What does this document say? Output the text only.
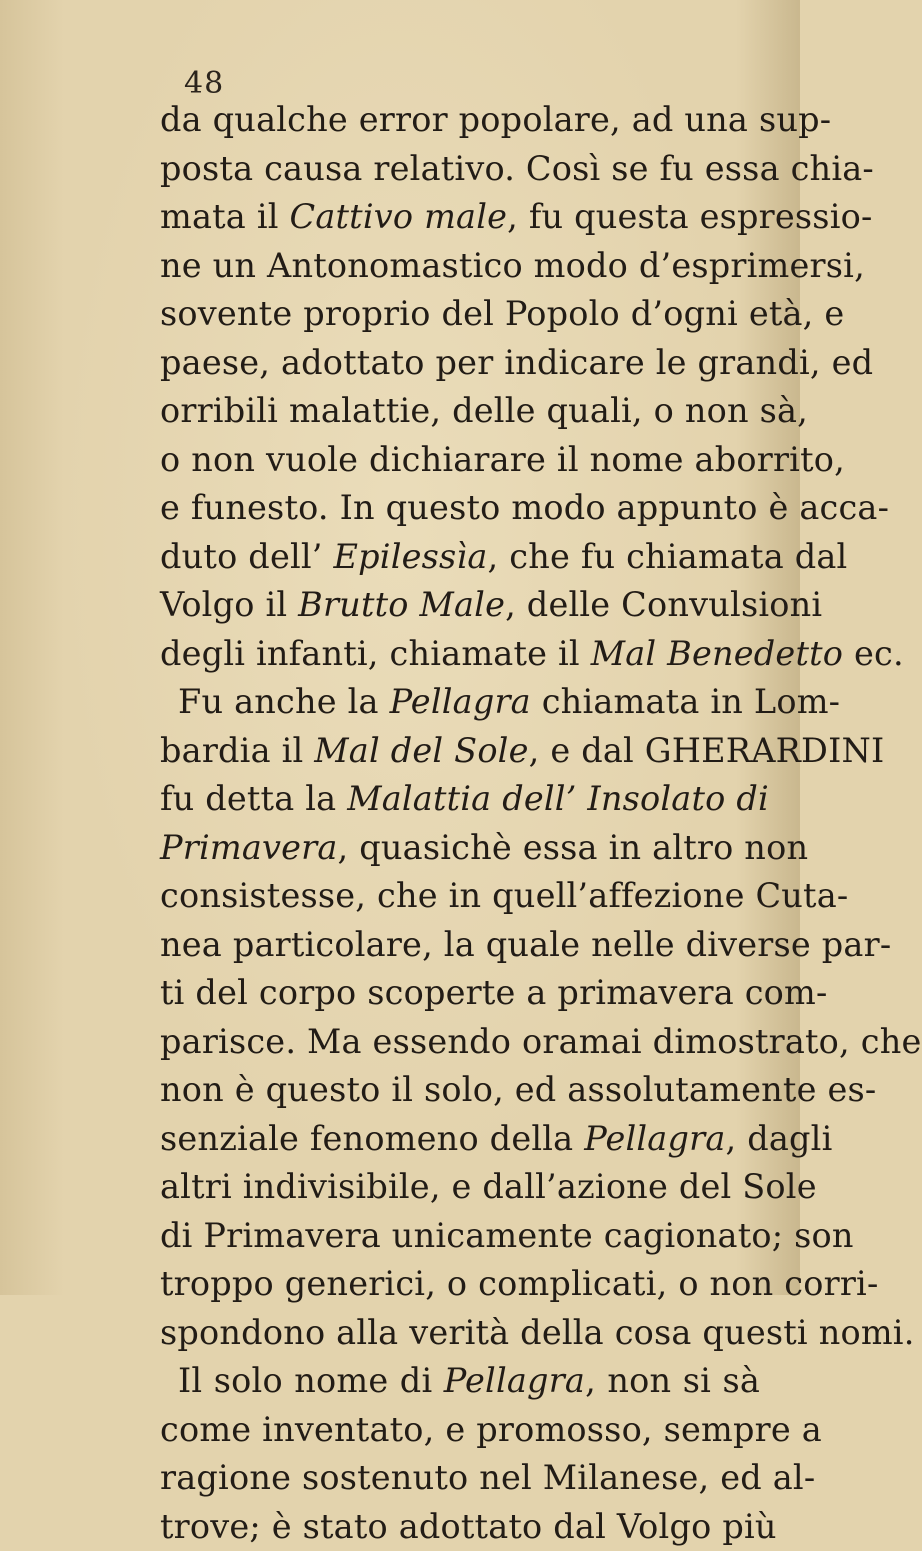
48
da qualche error popolare, ad una sup-
posta causa relativo. Così se fu essa chia-
mata il Cattivo male, fu questa espressio-
ne un Antonomastico modo d’esprimersi,
sovente proprio del Popolo d’ogni età, e
paese, adottato per indicare le grandi, ed
orribili malattie, delle quali, o non sà,
o non vuole dichiarare il nome aborrito,
e funesto. In questo modo appunto è acca-
duto dell’ Epilessìa, che fu chiamata dal
Volgo il Brutto Male, delle Convulsioni
degli infanti, chiamate il Mal Benedetto ec.
Fu anche la Pellagra chiamata in Lom-
bardia il Mal del Sole, e dal GHERARDINI
fu detta la Malattia dell’ Insolato di
Primavera, quasichè essa in altro non
consistesse, che in quell’affezione Cuta-
nea particolare, la quale nelle diverse par-
ti del corpo scoperte a primavera com-
parisce. Ma essendo oramai dimostrato, che
non è questo il solo, ed assolutamente es-
senziale fenomeno della Pellagra, dagli
altri indivisibile, e dall’azione del Sole
di Primavera unicamente cagionato; son
troppo generici, o complicati, o non corri-
spondono alla verità della cosa questi nomi.
Il solo nome di Pellagra, non si sà
come inventato, e promosso, sempre a
ragione sostenuto nel Milanese, ed al-
trove; è stato adottato dal Volgo più
